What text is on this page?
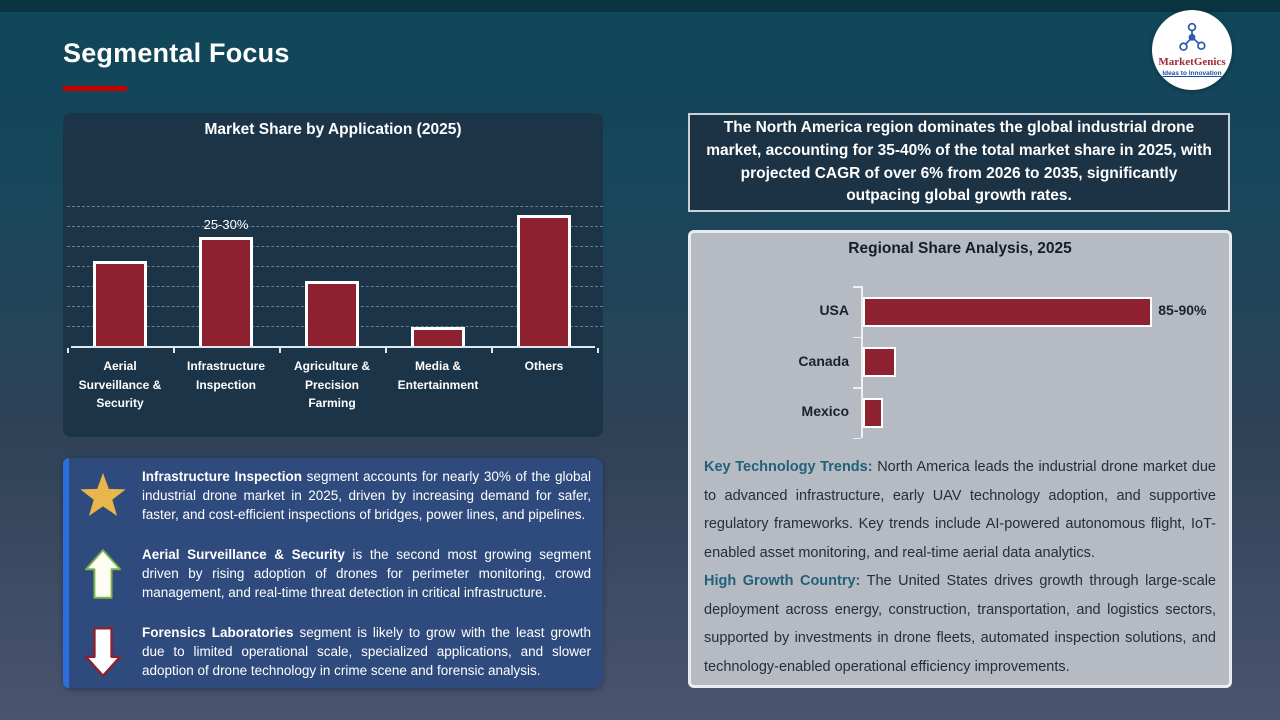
Segmental Focus	MarketGenics
Ideas to Innovation
Market Share by Application (2025)
25-30%
Aerial Surveillance & Security
Infrastructure Inspection
Agriculture & Precision Farming
Media & Entertainment
Others

The North America region dominates the global industrial drone market, accounting for 35-40% of the total market share in 2025, with projected CAGR of over 6% from 2026 to 2035, significantly outpacing global growth rates.

Regional Share Analysis, 2025
USA	85-90%
Canada
Mexico

Key Technology Trends: North America leads the industrial drone market due to advanced infrastructure, early UAV technology adoption, and supportive regulatory frameworks. Key trends include AI-powered autonomous flight, IoT-enabled asset monitoring, and real-time aerial data analytics.

High Growth Country: The United States drives growth through large-scale deployment across energy, construction, transportation, and logistics sectors, supported by investments in drone fleets, automated inspection solutions, and technology-enabled operational efficiency improvements.

Infrastructure Inspection segment accounts for nearly 30% of the global industrial drone market in 2025, driven by increasing demand for safer, faster, and cost-efficient inspections of bridges, power lines, and pipelines.

Aerial Surveillance & Security is the second most growing segment driven by rising adoption of drones for perimeter monitoring, crowd management, and real-time threat detection in critical infrastructure.

Forensics Laboratories segment is likely to grow with the least growth due to limited operational scale, specialized applications, and slower adoption of drone technology in crime scene and forensic analysis.
